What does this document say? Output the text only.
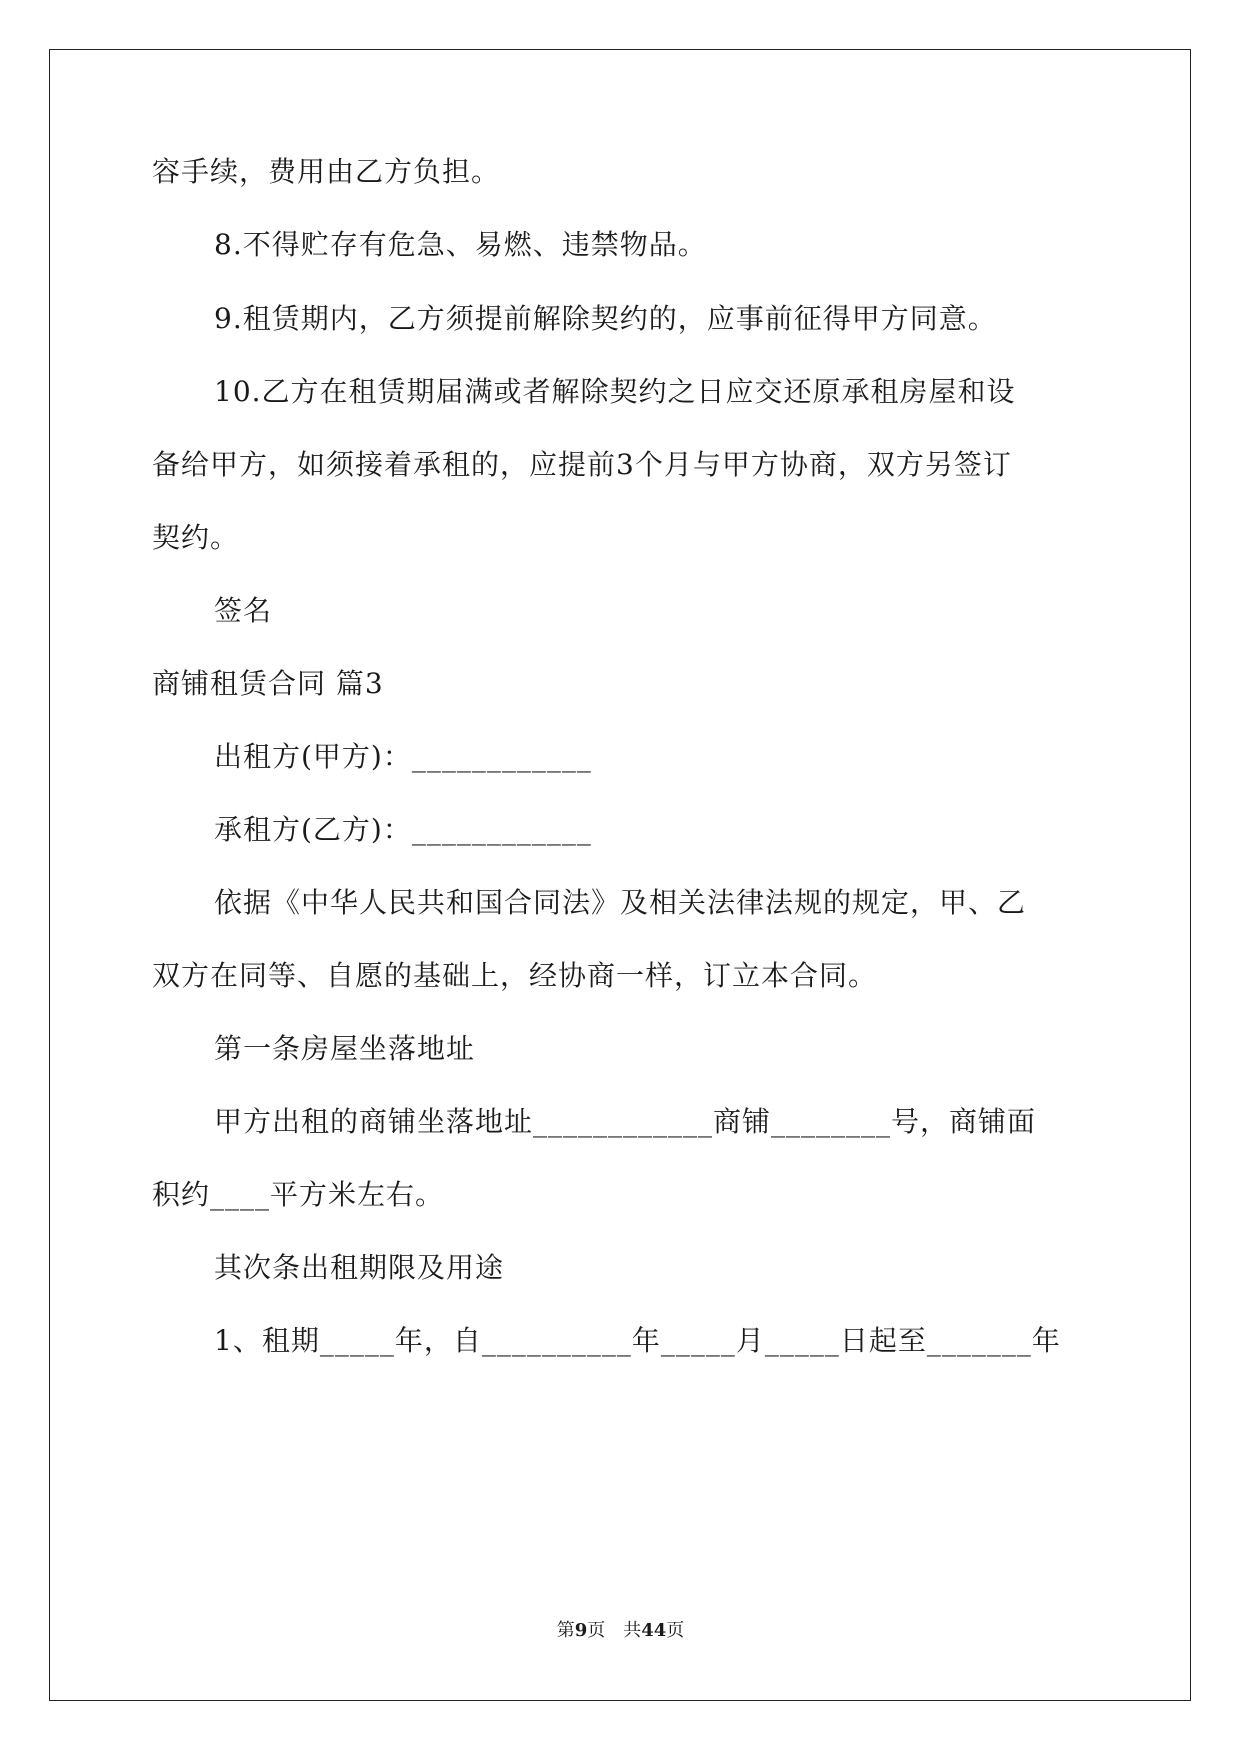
容手续，费用由乙方负担。
8.不得贮存有危急、易燃、违禁物品。
9.租赁期内，乙方须提前解除契约的，应事前征得甲方同意。
10.乙方在租赁期届满或者解除契约之日应交还原承租房屋和设
备给甲方，如须接着承租的，应提前3个月与甲方协商，双方另签订
契约。
签名
商铺租赁合同 篇3
出租方(甲方)：____________
承租方(乙方)：____________
依据《中华人民共和国合同法》及相关法律法规的规定，甲、乙
双方在同等、自愿的基础上，经协商一样，订立本合同。
第一条房屋坐落地址
甲方出租的商铺坐落地址____________商铺________号，商铺面
积约____平方米左右。
其次条出租期限及用途
1、租期_____年，自__________年_____月_____日起至_______年
第9页 共44页
